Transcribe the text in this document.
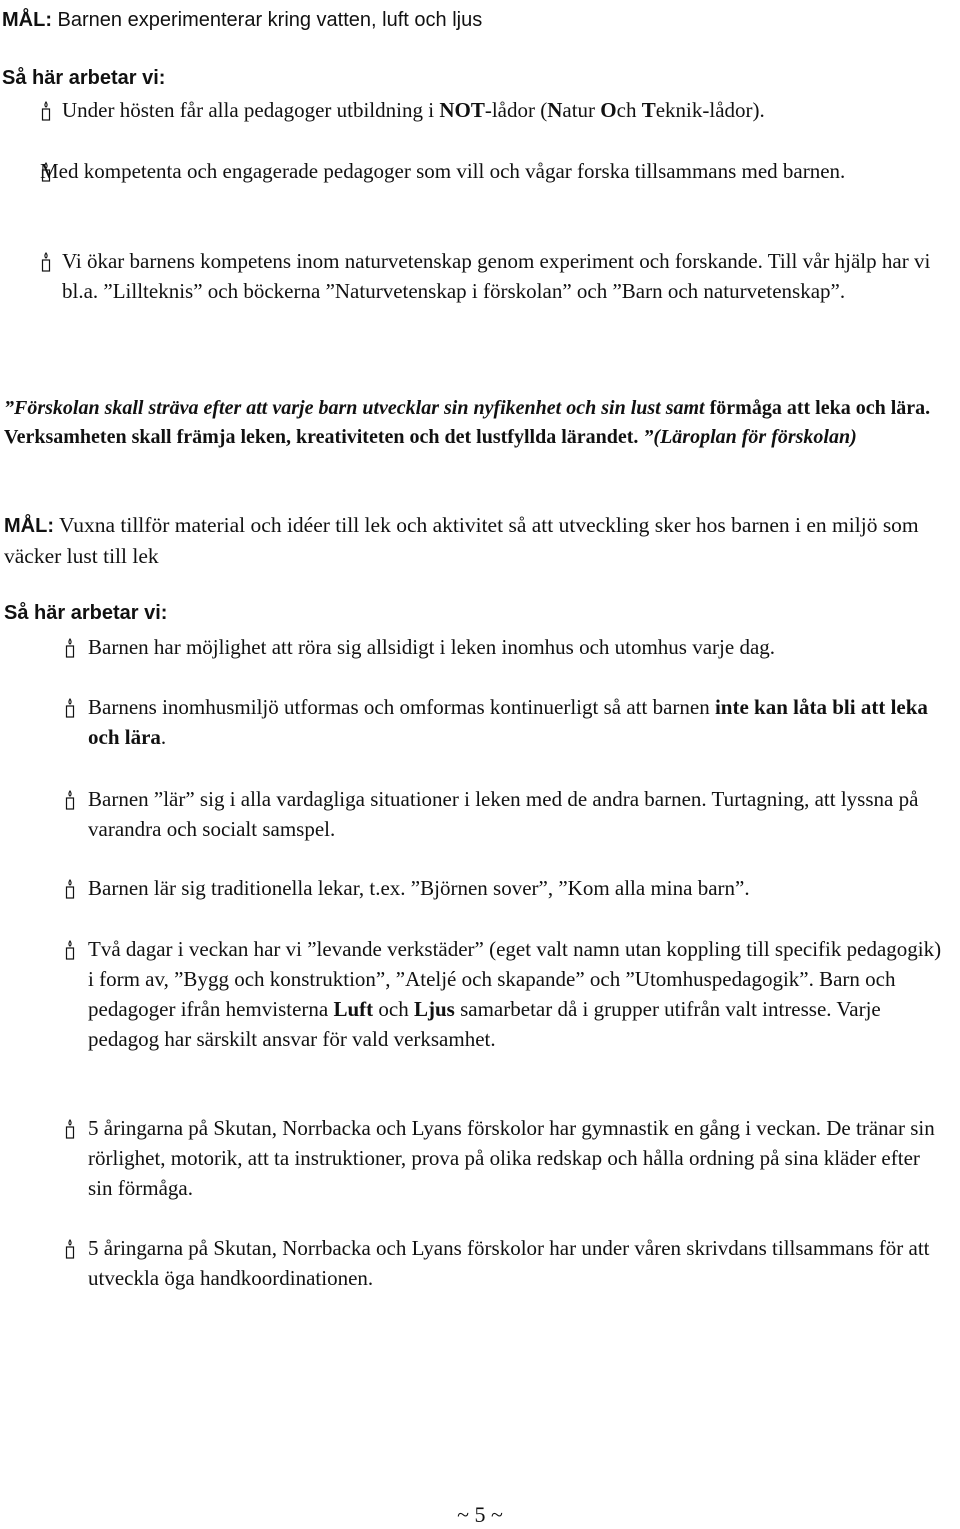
MÅL: Barnen experimenterar kring vatten, luft och ljus
Så här arbetar vi:
Under hösten får alla pedagoger utbildning i NOT-lådor (Natur Och Teknik-lådor).
Med kompetenta och engagerade pedagoger som vill och vågar forska tillsammans med barnen.
Vi ökar barnens kompetens inom naturvetenskap genom experiment och forskande. Till vår hjälp har vi bl.a. ”Lillteknis” och böckerna ”Naturvetenskap i förskolan” och ”Barn och naturvetenskap”.
”Förskolan skall sträva efter att varje barn utvecklar sin nyfikenhet och sin lust samt förmåga att leka och lära. Verksamheten skall främja leken, kreativiteten och det lustfyllda lärandet. ”(Läroplan för förskolan)
MÅL: Vuxna tillför material och idéer till lek och aktivitet så att utveckling sker hos barnen i en miljö som väcker lust till lek
Så här arbetar vi:
Barnen har möjlighet att röra sig allsidigt i leken inomhus och utomhus varje dag.
Barnens inomhusmiljö utformas och omformas kontinuerligt så att barnen inte kan låta bli att leka och lära.
Barnen ”lär” sig i alla vardagliga situationer i leken med de andra barnen. Turtagning, att lyssna på varandra och socialt samspel.
Barnen lär sig traditionella lekar, t.ex. ”Björnen sover”, ”Kom alla mina barn”.
Två dagar i veckan har vi ”levande verkstäder” (eget valt namn utan koppling till specifik pedagogik) i form av, ”Bygg och konstruktion”, ”Ateljé och skapande” och ”Utomhuspedagogik”. Barn och pedagoger ifrån hemvisterna Luft och Ljus samarbetar då i grupper utifrån valt intresse. Varje pedagog har särskilt ansvar för vald verksamhet.
5 åringarna på Skutan, Norrbacka och Lyans förskolor har gymnastik en gång i veckan. De tränar sin rörlighet, motorik, att ta instruktioner, prova på olika redskap och hålla ordning på sina kläder efter sin förmåga.
5 åringarna på Skutan, Norrbacka och Lyans förskolor har under våren skrivdans tillsammans för att utveckla öga handkoordinationen.
~ 5 ~
